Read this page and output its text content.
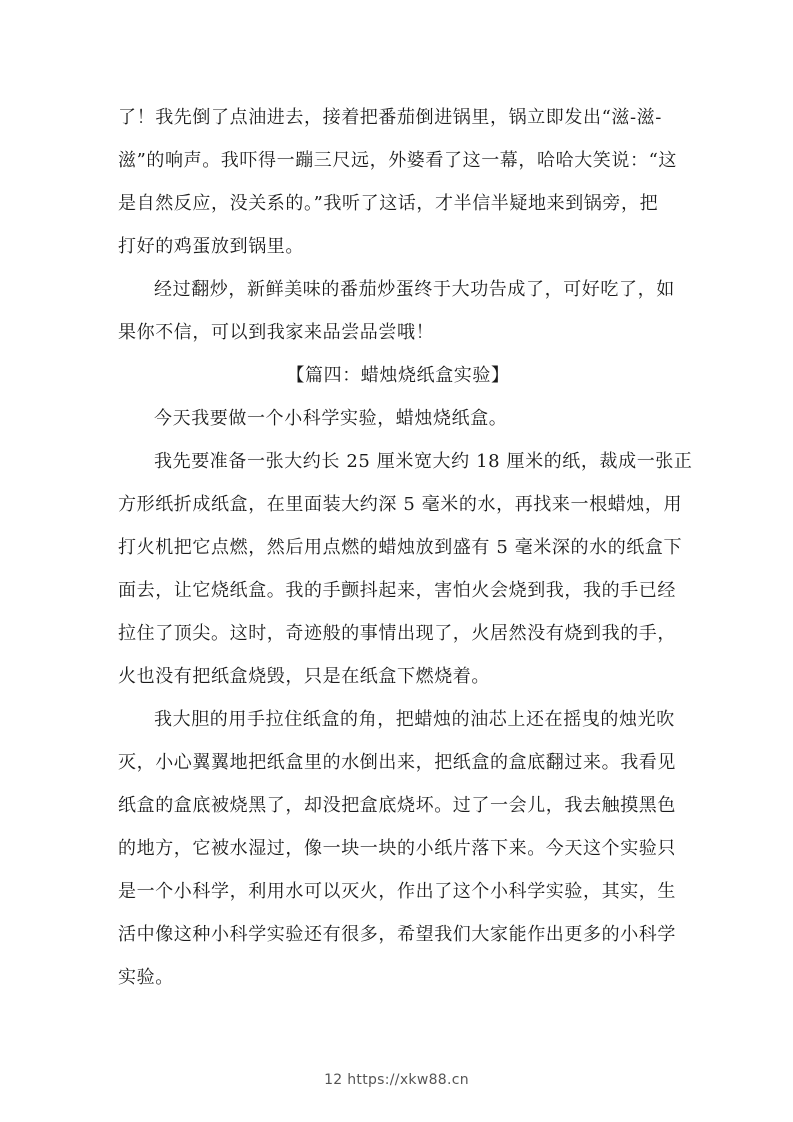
了！我先倒了点油进去，接着把番茄倒进锅里，锅立即发出“滋-滋-
滋”的响声。我吓得一蹦三尺远，外婆看了这一幕，哈哈大笑说：“这
是自然反应，没关系的。”我听了这话，才半信半疑地来到锅旁，把
打好的鸡蛋放到锅里。
经过翻炒，新鲜美味的番茄炒蛋终于大功告成了，可好吃了，如
果你不信，可以到我家来品尝品尝哦！
【篇四：蜡烛烧纸盒实验】
今天我要做一个小科学实验，蜡烛烧纸盒。
我先要准备一张大约长 25 厘米宽大约 18 厘米的纸，裁成一张正
方形纸折成纸盒，在里面装大约深 5 毫米的水，再找来一根蜡烛，用
打火机把它点燃，然后用点燃的蜡烛放到盛有 5 毫米深的水的纸盒下
面去，让它烧纸盒。我的手颤抖起来，害怕火会烧到我，我的手已经
拉住了顶尖。这时，奇迹般的事情出现了，火居然没有烧到我的手，
火也没有把纸盒烧毁，只是在纸盒下燃烧着。
我大胆的用手拉住纸盒的角，把蜡烛的油芯上还在摇曳的烛光吹
灭，小心翼翼地把纸盒里的水倒出来，把纸盒的盒底翻过来。我看见
纸盒的盒底被烧黑了，却没把盒底烧坏。过了一会儿，我去触摸黑色
的地方，它被水湿过，像一块一块的小纸片落下来。今天这个实验只
是一个小科学，利用水可以灭火，作出了这个小科学实验，其实，生
活中像这种小科学实验还有很多，希望我们大家能作出更多的小科学
实验。
12 https://xkw88.cn
